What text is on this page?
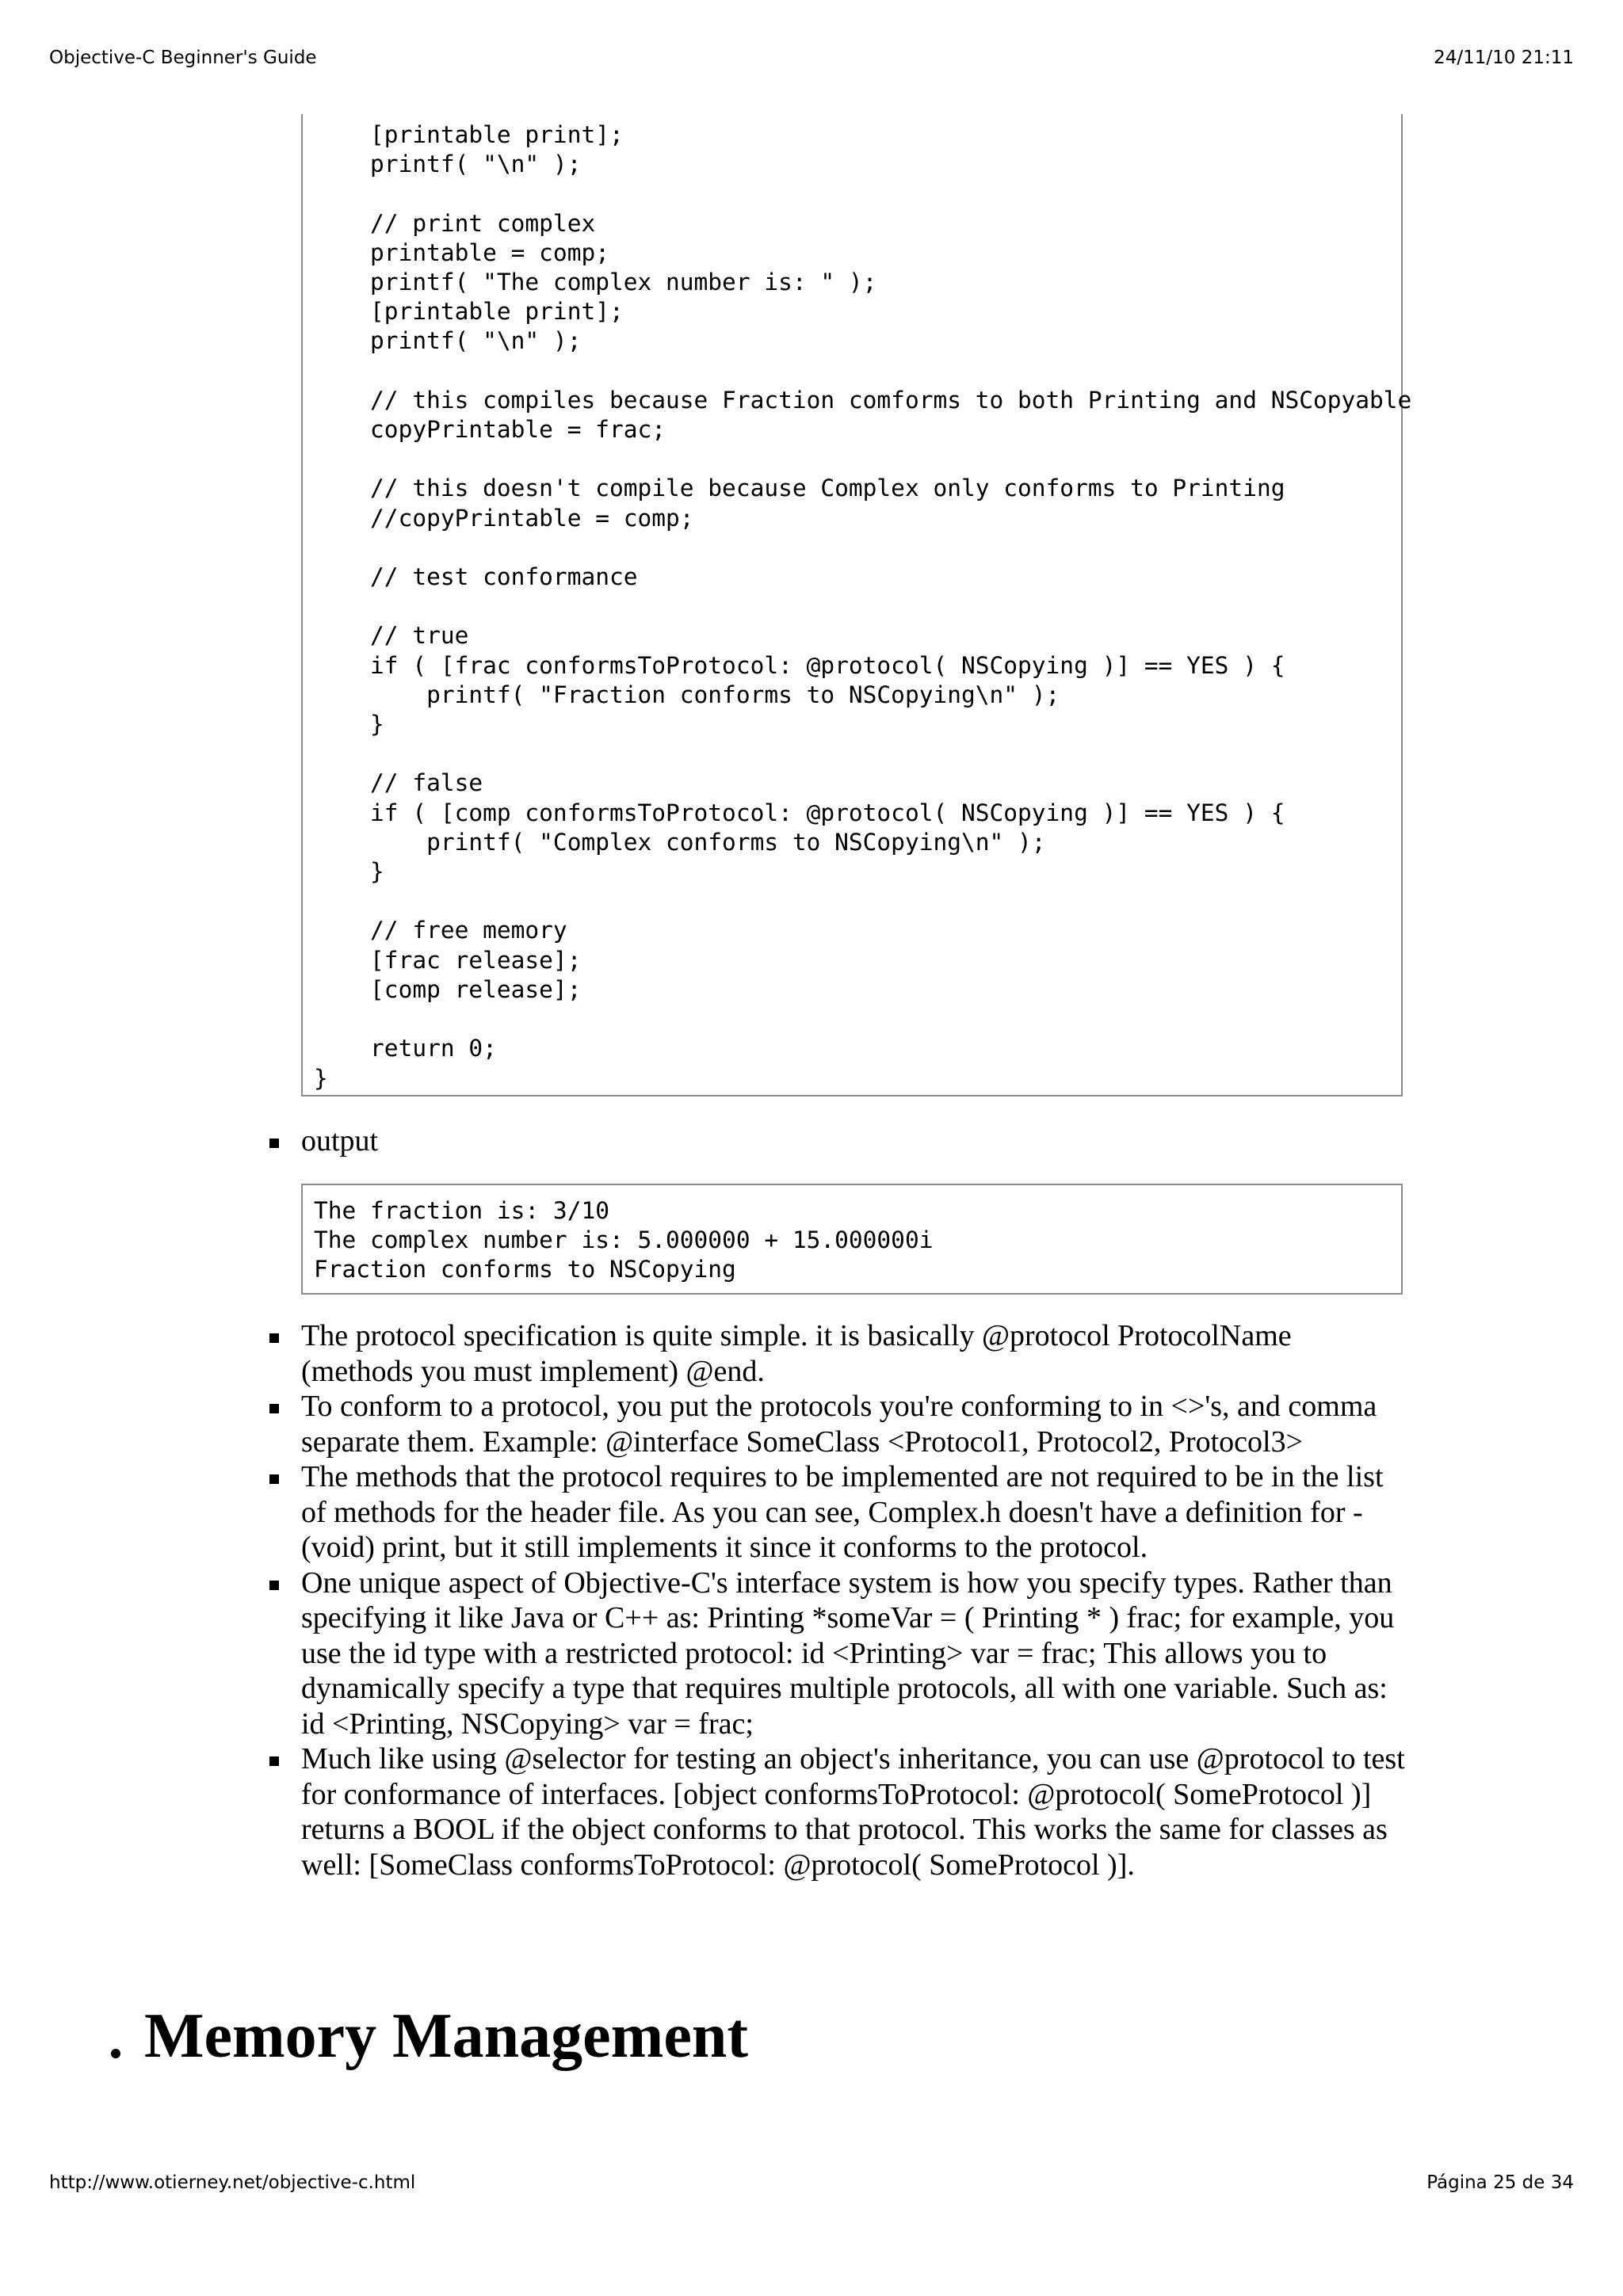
Objective-C Beginner's Guide	24/11/10 21:11
[printable print];
printf( "\n" );

// print complex
printable = comp;
printf( "The complex number is: " );
[printable print];
printf( "\n" );

// this compiles because Fraction comforms to both Printing and NSCopyable
copyPrintable = frac;

// this doesn't compile because Complex only conforms to Printing
//copyPrintable = comp;

// test conformance

// true
if ( [frac conformsToProtocol: @protocol( NSCopying )] == YES ) {
printf( "Fraction conforms to NSCopying\n" );
}

// false
if ( [comp conformsToProtocol: @protocol( NSCopying )] == YES ) {
printf( "Complex conforms to NSCopying\n" );
}

// free memory
[frac release];
[comp release];

return 0;
}
output
The fraction is: 3/10
The complex number is: 5.000000 + 15.000000i
Fraction conforms to NSCopying
The protocol specification is quite simple. it is basically @protocol ProtocolName (methods you must implement) @end.
To conform to a protocol, you put the protocols you're conforming to in <>'s, and comma separate them. Example: @interface SomeClass <Protocol1, Protocol2, Protocol3>
The methods that the protocol requires to be implemented are not required to be in the list of methods for the header file. As you can see, Complex.h doesn't have a definition for -(void) print, but it still implements it since it conforms to the protocol.
One unique aspect of Objective-C's interface system is how you specify types. Rather than specifying it like Java or C++ as: Printing *someVar = ( Printing * ) frac; for example, you use the id type with a restricted protocol: id <Printing> var = frac; This allows you to dynamically specify a type that requires multiple protocols, all with one variable. Such as: id <Printing, NSCopying> var = frac;
Much like using @selector for testing an object's inheritance, you can use @protocol to test for conformance of interfaces. [object conformsToProtocol: @protocol( SomeProtocol )] returns a BOOL if the object conforms to that protocol. This works the same for classes as well: [SomeClass conformsToProtocol: @protocol( SomeProtocol )].
Memory Management
http://www.otierney.net/objective-c.html	Página 25 de 34
